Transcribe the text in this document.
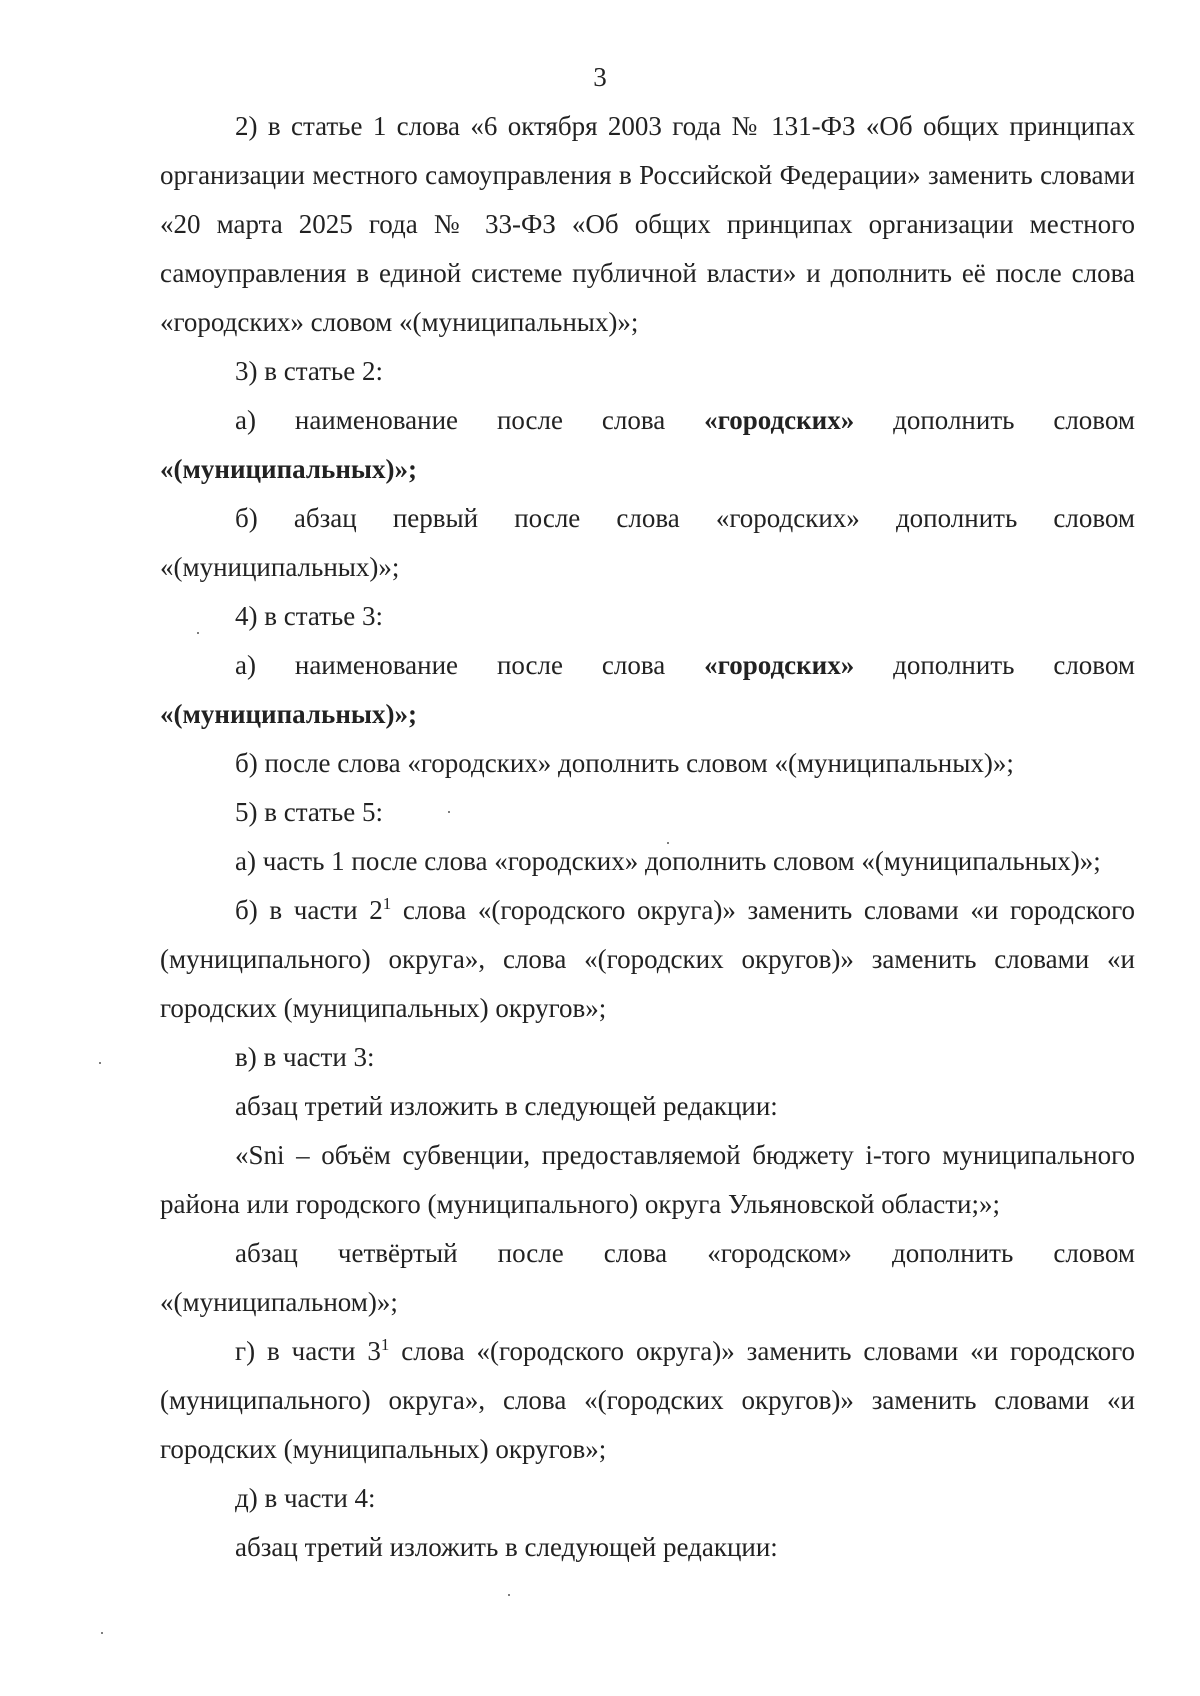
3

2) в статье 1 слова «6 октября 2003 года № 131-ФЗ «Об общих принципах организации местного самоуправления в Российской Федерации» заменить словами «20 марта 2025 года № 33-ФЗ «Об общих принципах организации местного самоуправления в единой системе публичной власти» и дополнить её после слова «городских» словом «(муниципальных)»;

3) в статье 2:

а) наименование после слова «городских» дополнить словом

«(муниципальных)»;

б) абзац первый после слова «городских» дополнить словом

«(муниципальных)»;

4) в статье 3:

а) наименование после слова «городских» дополнить словом

«(муниципальных)»;

б) после слова «городских» дополнить словом «(муниципальных)»;

5) в статье 5:

а) часть 1 после слова «городских» дополнить словом «(муниципальных)»;

б) в части $2^1$ слова «(городского округа)» заменить словами «и городского (муниципального) округа», слова «(городских округов)» заменить словами «и городских (муниципальных) округов»;

в) в части 3:

абзац третий изложить в следующей редакции:

«Sni – объём субвенции, предоставляемой бюджету i-того муниципального района или городского (муниципального) округа Ульяновской области;»;

абзац четвёртый после слова «городском» дополнить словом

«(муниципальном)»;

г) в части $3^1$ слова «(городского округа)» заменить словами «и городского (муниципального) округа», слова «(городских округов)» заменить словами «и городских (муниципальных) округов»;

д) в части 4:

абзац третий изложить в следующей редакции:
